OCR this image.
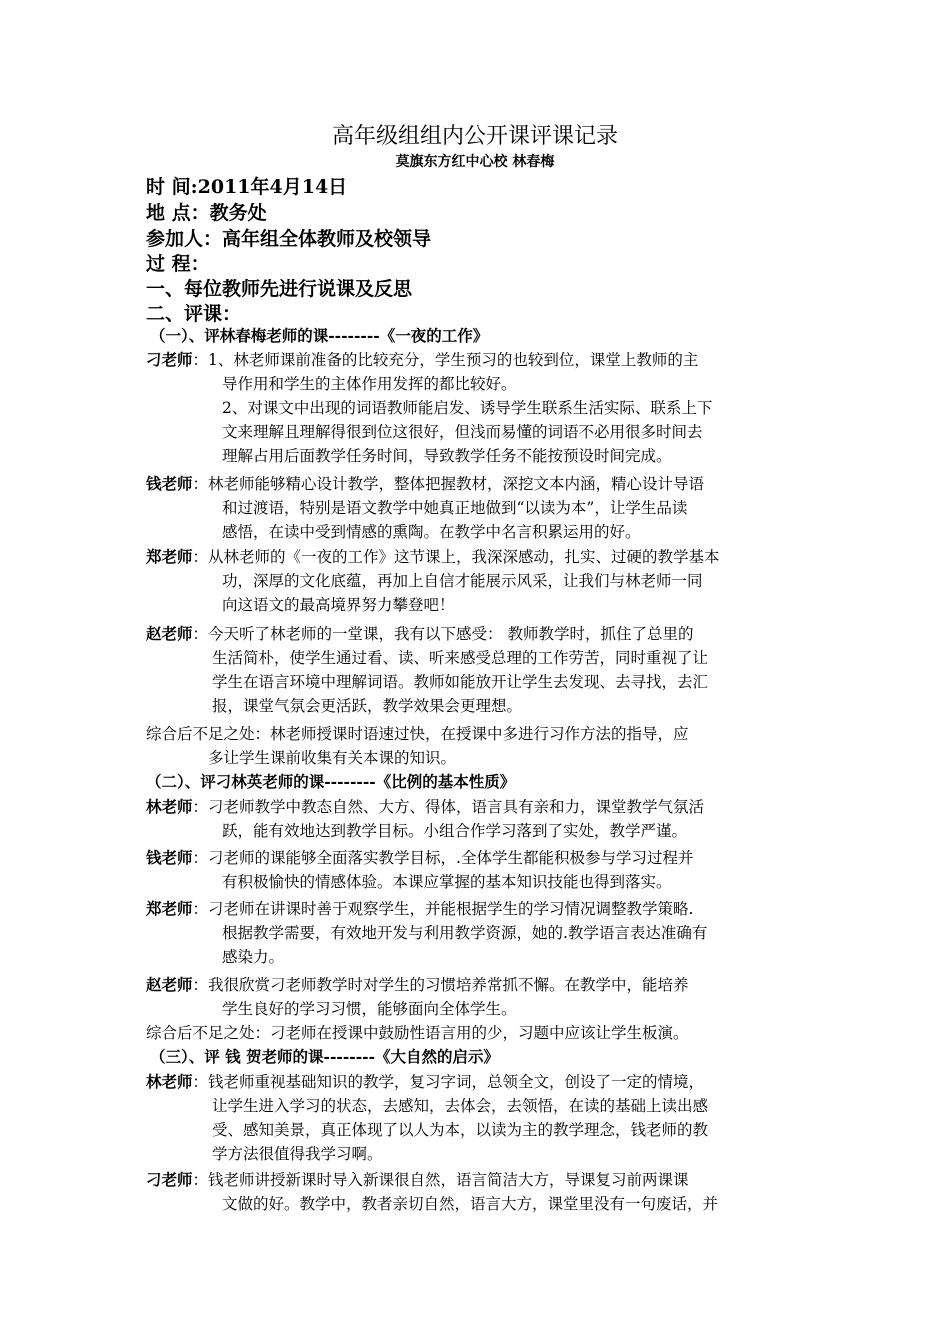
高年级组组内公开课评课记录
莫旗东方红中心校 林春梅
时 间:2011年4月14日
地 点：教务处
参加人：高年组全体教师及校领导
过 程：
一、每位教师先进行说课及反思
二、评课：
（一）、评林春梅老师的课--------《一夜的工作》
刁老师：1、林老师课前准备的比较充分，学生预习的也较到位，课堂上教师的主
导作用和学生的主体作用发挥的都比较好。
2、对课文中出现的词语教师能启发、诱导学生联系生活实际、联系上下
文来理解且理解得很到位这很好，但浅而易懂的词语不必用很多时间去
理解占用后面教学任务时间，导致教学任务不能按预设时间完成。
钱老师：林老师能够精心设计教学，整体把握教材，深挖文本内涵，精心设计导语
和过渡语，特别是语文教学中她真正地做到“以读为本”，让学生品读
感悟，在读中受到情感的熏陶。在教学中名言积累运用的好。
郑老师：从林老师的《一夜的工作》这节课上，我深深感动，扎实、过硬的教学基本
功，深厚的文化底蕴，再加上自信才能展示风采，让我们与林老师一同
向这语文的最高境界努力攀登吧！
赵老师：今天听了林老师的一堂课，我有以下感受： 教师教学时，抓住了总里的
生活简朴，使学生通过看、读、听来感受总理的工作劳苦，同时重视了让
学生在语言环境中理解词语。教师如能放开让学生去发现、去寻找，去汇
报，课堂气氛会更活跃，教学效果会更理想。
综合后不足之处：林老师授课时语速过快，在授课中多进行习作方法的指导，应
多让学生课前收集有关本课的知识。
（二）、评刁林英老师的课--------《比例的基本性质》
林老师：刁老师教学中教态自然、大方、得体，语言具有亲和力，课堂教学气氛活
跃，能有效地达到教学目标。小组合作学习落到了实处，教学严谨。
钱老师：刁老师的课能够全面落实教学目标，.全体学生都能积极参与学习过程并
有积极愉快的情感体验。本课应掌握的基本知识技能也得到落实。
郑老师：刁老师在讲课时善于观察学生，并能根据学生的学习情况调整教学策略.
根据教学需要，有效地开发与利用教学资源，她的.教学语言表达准确有
感染力。
赵老师：我很欣赏刁老师教学时对学生的习惯培养常抓不懈。在教学中，能培养
学生良好的学习习惯，能够面向全体学生。
综合后不足之处：刁老师在授课中鼓励性语言用的少，习题中应该让学生板演。
（三）、评 钱 贺老师的课--------《大自然的启示》
林老师：钱老师重视基础知识的教学，复习字词，总领全文，创设了一定的情境，
让学生进入学习的状态，去感知，去体会，去领悟，在读的基础上读出感
受、感知美景，真正体现了以人为本，以读为主的教学理念，钱老师的教
学方法很值得我学习啊。
刁老师：钱老师讲授新课时导入新课很自然，语言简洁大方，导课复习前两课课
文做的好。教学中，教者亲切自然，语言大方，课堂里没有一句废话，并
